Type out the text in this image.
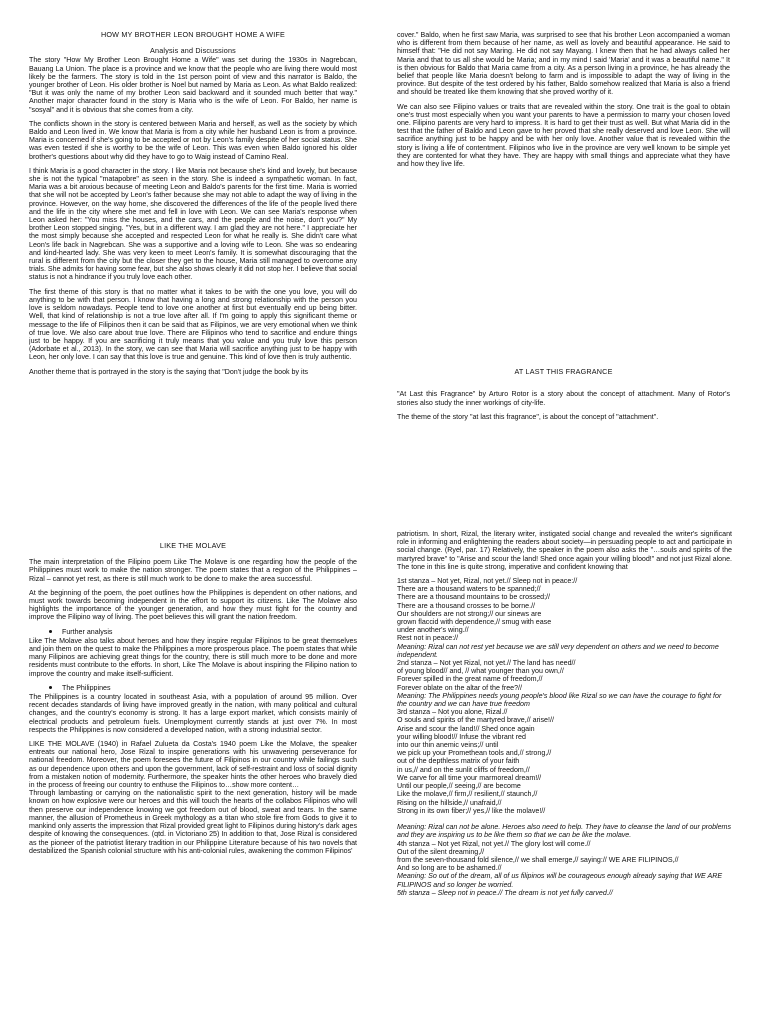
HOW MY BROTHER LEON BROUGHT HOME A WIFE
Analysis and Discussions

The story "How My Brother Leon Brought Home a Wife" was set during the 1930s in Nagrebcan, Bauang La Union. The place is a province and we know that the people who are living there would most likely be the farmers. The story is told in the 1st person point of view and this narrator is Baldo, the younger brother of Leon. His older brother is Noel but named by Maria as Leon. As what Baldo realized: "But it was only the name of my brother Leon said backward and it sounded much better that way." Another major character found in the story is Maria who is the wife of Leon. For Baldo, her name is "sosyal" and it is obvious that she comes from a city.

The conflicts shown in the story is centered between Maria and herself, as well as the society by which Baldo and Leon lived in. We know that Maria is from a city while her husband Leon is from a province. Maria is concerned if she's going to be accepted or not by Leon's family despite of her social status. She was even tested if she is worthy to be the wife of Leon. This was even when Baldo ignored his older brother's questions about why did they have to go to Waig instead of Camino Real.

I think Maria is a good character in the story. I like Maria not because she's kind and lovely, but because she is not the typical "matapobre" as seen in the story. She is indeed a sympathetic woman. In fact, Maria was a bit anxious because of meeting Leon and Baldo's parents for the first time. Maria is worried that she will not be accepted by Leon's father because she may not able to adapt the way of living in the province. However, on the way home, she discovered the differences of the life of the people lived there and the life in the city where she met and fell in love with Leon. We can see Maria's response when Leon asked her: "You miss the houses, and the cars, and the people and the noise, don't you?" My brother Leon stopped singing. "Yes, but in a different way. I am glad they are not here." I appreciate her the most simply because she accepted and respected Leon for what he really is. She didn't care what Leon's life back in Nagrebcan. She was a supportive and a loving wife to Leon. She was so endearing and kind-hearted lady. She was very keen to meet Leon's family. It is somewhat discouraging that the rural is different from the city but the closer they get to the house, Maria still managed to overcome any trials. She admits for having some fear, but she also shows clearly it did not stop her. I believe that social status is not a hindrance if you truly love each other.

The first theme of this story is that no matter what it takes to be with the one you love, you will do anything to be with that person. I know that having a long and strong relationship with the person you love is seldom nowadays. People tend to love one another at first but eventually end up being bitter. Well, that kind of relationship is not a true love after all. If I'm going to apply this significant theme or message to the life of Filipinos then it can be said that as Filipinos, we are very emotional when we think of true love. We also care about true love. There are Filipinos who tend to sacrifice and endure things just to be happy. If you are sacrificing it truly means that you value and you truly love this person (Adorbate et al., 2013). In the story, we can see that Maria will sacrifice anything just to be happy with Leon, her only love. I can say that this love is true and genuine. This kind of love then is truly authentic.

Another theme that is portrayed in the story is the saying that "Don't judge the book by its

cover." Baldo, when he first saw Maria, was surprised to see that his brother Leon accompanied a woman who is different from them because of her name, as well as lovely and beautiful appearance. He said to himself that: "He did not say Maring. He did not say Mayang. I knew then that he had always called her Maria and that to us all she would be Maria; and in my mind I said 'Maria' and it was a beautiful name." It is then obvious for Baldo that Maria came from a city. As a person living in a province, he has already the belief that people like Maria doesn't belong to farm and is impossible to adapt the way of living in the province. But despite of the test ordered by his father, Baldo somehow realized that Maria is also a friend and should be treated like them knowing that she proved worthy of it.

We can also see Filipino values or traits that are revealed within the story. One trait is the goal to obtain one's trust most especially when you want your parents to have a permission to marry your chosen loved one. Filipino parents are very hard to impress. It is hard to get their trust as well. But what Maria did in the test that the father of Baldo and Leon gave to her proved that she really deserved and love Leon. She will sacrifice anything just to be happy and be with her only love. Another value that is revealed within the story is living a life of contentment. Filipinos who live in the province are very well known to be simple yet they are contented for what they have. They are happy with small things and appreciate what they have and how they live life.

AT LAST THIS FRAGRANCE

"At Last this Fragrance" by Arturo Rotor is a story about the concept of attachment. Many of Rotor's stories also study the inner workings of city-life.

The theme of the story "at last this fragrance", is about the concept of "attachment".

LIKE THE MOLAVE

The main interpretation of the Filipino poem Like The Molave is one regarding how the people of the Philippines must work to make the nation stronger. The poem states that a region of the Philippines – Rizal – cannot yet rest, as there is still much work to be done to make the area successful.

At the beginning of the poem, the poet outlines how the Philippines is dependent on other nations, and must work towards becoming independent in the effort to support its citizens. Like The Molave also highlights the importance of the younger generation, and how they must fight for the country and improve the Filipino way of living. The poet believes this will grant the nation freedom.

Further analysis

Like The Molave also talks about heroes and how they inspire regular Filipinos to be great themselves and join them on the quest to make the Philippines a more prosperous place. The poem states that while many Filipinos are achieving great things for the country, there is still much more to be done and more residents must contribute to the efforts. In short, Like The Molave is about inspiring the Filipino nation to improve the country and make itself-sufficient.

The Philippines

The Philippines is a country located in southeast Asia, with a population of around 95 million. Over recent decades standards of living have improved greatly in the nation, with many political and cultural changes, and the country's economy is strong. It has a large export market, which consists mainly of electrical products and petroleum fuels. Unemployment currently stands at just over 7%. In most respects the Philippines is now considered a developed nation, with a strong industrial sector.

LIKE THE MOLAVE (1940) in Rafael Zulueta da Costa's 1940 poem Like the Molave, the speaker entreats our national hero, Jose Rizal to inspire generations with his unwavering perseverance for national freedom. Moreover, the poem foresees the future of Filipinos in our country while failings such as our dependence upon others and upon the government, lack of self-restraint and loss of social dignity from a mistaken notion of modernity. Furthermore, the speaker hints the other heroes who bravely died in the process of freeing our country to enthuse the Filipinos to…show more content…

Through lambasting or carrying on the nationalistic spirit to the next generation, history will be made known on how explosive were our heroes and this will touch the hearts of the collabos Filipinos who will then preserve our independence knowing we got freedom out of blood, sweat and tears. In the same manner, the allusion of Prometheus in Greek mythology as a titan who stole fire from Gods to give it to mankind only asserts the impression that Rizal provided great light to Filipinos during history's dark ages despite of knowing the consequences. (qtd. in Victoriano 25) In addition to that, Jose Rizal is considered as the pioneer of the patriotist literary tradition in our Philippine Literature because of his two novels that destabilized the Spanish colonial structure with his anti-colonial rules, awakening the common Filipinos'

patriotism. In short, Rizal, the literary writer, instigated social change and revealed the writer's significant role in informing and enlightening the readers about society—in persuading people to act and participate in social change. (Ryel, par. 17) Relatively, the speaker in the poem also asks the "…souls and spirits of the martyred brave" to "Arise and scour the land! Shed once again your willing blood!" and not just Rizal alone. The tone in this line is quite strong, imperative and confident knowing that

1st stanza – Not yet, Rizal, not yet.// Sleep not in peace://
There are a thousand waters to be spanned;//
There are a thousand mountains to be crossed;//
There are a thousand crosses to be borne.//
Our shoulders are not strong;// our sinews are
grown flaccid with dependence,// smug with ease
under another's wing.//
Rest not in peace://
Meaning: Rizal can not rest yet because we are still very dependent on others and we need to become independent.
2nd stanza – Not yet Rizal, not yet.// The land has need//
of young blood// and, // what younger than you own,//
Forever spilled in the great name of freedom,//
Forever oblate on the altar of the free?//
Meaning: The Philippines needs young people's blood like Rizal so we can have the courage to fight for the country and we can have true freedom
3rd stanza – Not you alone, Rizal.//
O souls and spirits of the martyred brave,// arise!//
Arise and scour the land!// Shed once again
your willing blood!// Infuse the vibrant red
into our thin anemic veins;// until
we pick up your Promethean tools and,// strong,//
out of the depthless matrix of your faith
in us,// and on the sunlit cliffs of freedom,//
We carve for all time your marmoreal dream!//
Until our people,// seeing,// are become
Like the molave,// firm,// resilient,// staunch,//
Rising on the hillside,// unafraid,//
Strong in its own fiber;// yes,// like the molave!//

Meaning: Rizal can not be alone. Heroes also need to help. They have to cleanse the land of our problems and they are inspiring us to be like them so that we can be like the molave.
4th stanza – Not yet Rizal, not yet.// The glory lost will come.//
Out of the silent dreaming,//
from the seven-thousand fold silence,// we shall emerge,// saying:// WE ARE FILIPINOS,//
And so long are to be ashamed.//
Meaning: So out of the dream, all of us filipinos will be courageous enough already saying that WE ARE FILIPINOS and so longer be worried.
5th stanza – Sleep not in peace.// The dream is not yet fully carved.//
